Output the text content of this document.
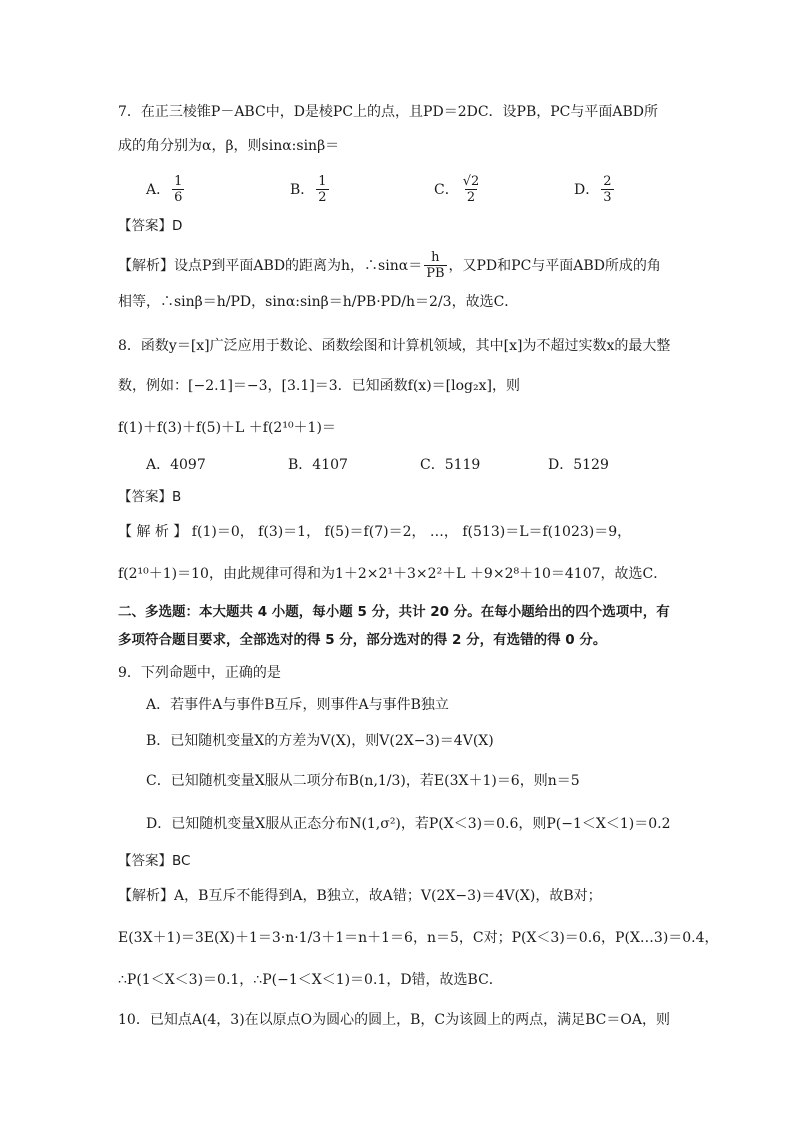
7．在正三棱锥P－ABC中，D是棱PC上的点，且PD＝2DC．设PB，PC与平面ABD所
成的角分别为α，β，则sinα:sinβ＝
A． $\frac{1}{6}$	B． $\frac{1}{2}$	C． $\frac{√2}{2}$	D． $\frac{2}{3}$
【答案】D
【解析】设点P到平面ABD的距离为h，∴sinα＝ $\frac{h}{PB}$ ，又PD和PC与平面ABD所成的角
相等，∴sinβ＝h/PD，sinα:sinβ＝h/PB·PD/h＝2/3，故选C．
8．函数y＝[x]广泛应用于数论、函数绘图和计算机领域，其中[x]为不超过实数x的最大整
数，例如：[−2.1]＝−3，[3.1]＝3．已知函数f(x)＝[log₂x]，则
f(1)＋f(3)＋f(5)＋L ＋f(2¹⁰＋1)＝
A．4097	B．4107	C．5119	D．5129
【答案】B
【 解 析 】 f(1)＝0， f(3)＝1， f(5)＝f(7)＝2， …， f(513)＝L＝f(1023)＝9，
f(2¹⁰＋1)＝10，由此规律可得和为1＋2×2¹＋3×2²＋L ＋9×2⁸＋10＝4107，故选C．
二、多选题：本大题共 4 小题，每小题 5 分，共计 20 分。在每小题给出的四个选项中，有
多项符合题目要求，全部选对的得 5 分，部分选对的得 2 分，有选错的得 0 分。
9．下列命题中，正确的是
A．若事件A与事件B互斥，则事件A与事件B独立
B．已知随机变量X的方差为V(X)，则V(2X−3)＝4V(X)
C．已知随机变量X服从二项分布B(n,1/3)，若E(3X＋1)＝6，则n＝5
D．已知随机变量X服从正态分布N(1,σ²)，若P(X＜3)＝0.6，则P(−1＜X＜1)＝0.2
【答案】BC
【解析】A，B互斥不能得到A，B独立，故A错；V(2X−3)＝4V(X)，故B对；
E(3X＋1)＝3E(X)＋1＝3·n·1/3＋1＝n＋1＝6，n＝5，C对；P(X＜3)＝0.6，P(X…3)＝0.4，
∴P(1＜X＜3)＝0.1，∴P(−1＜X＜1)＝0.1，D错，故选BC．
10．已知点A(4，3)在以原点O为圆心的圆上，B，C为该圆上的两点，满足BC＝OA，则
